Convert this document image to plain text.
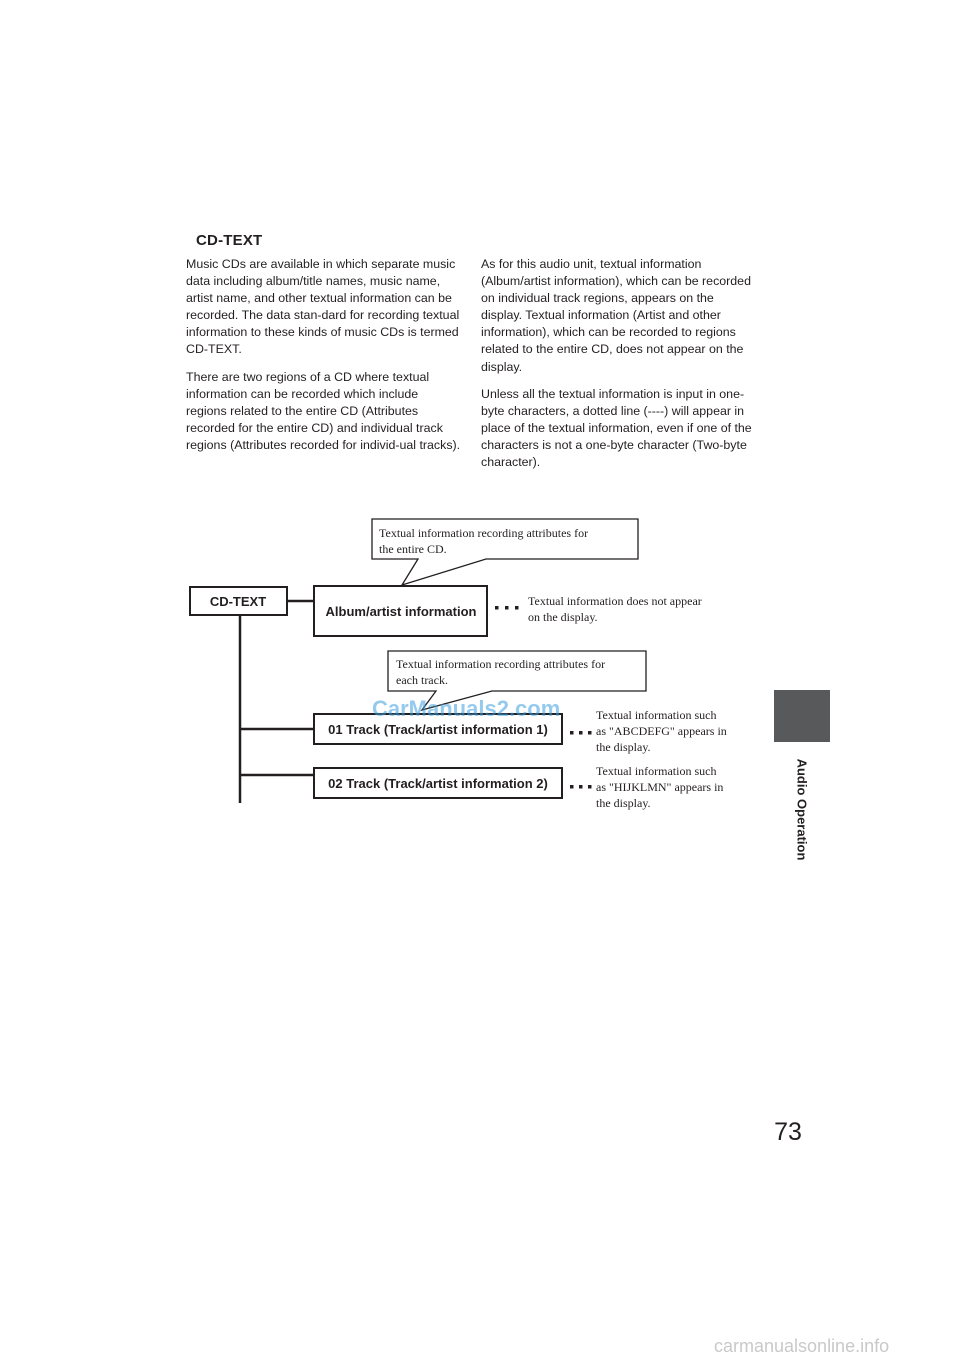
CD-TEXT

Music CDs are available in which separate music data including album/title names, music name, artist name, and other textual information can be recorded. The data stan-dard for recording textual information to these kinds of music CDs is termed CD-TEXT.

There are two regions of a CD where textual information can be recorded which include regions related to the entire CD (Attributes recorded for the entire CD) and individual track regions (Attributes recorded for individ-ual tracks).

As for this audio unit, textual information (Album/artist information), which can be recorded on individual track regions, appears on the display. Textual information (Artist and other information), which can be recorded to regions related to the entire CD, does not appear on the display.

Unless all the textual information is input in one-byte characters, a dotted line (----) will appear in place of the textual information, even if one of the characters is not a one-byte character (Two-byte character).

Textual information recording attributes for
the entire CD.
CD-TEXT
Album/artist information
Textual information does not appear
on the display.
Textual information recording attributes for
each track.
01 Track (Track/artist information 1)
Textual information such
as "ABCDEFG" appears in
the display.
02 Track (Track/artist information 2)
Textual information such
as "HIJKLMN" appears in
the display.
CarManuals2.com
Audio Operation
73
carmanualsonline.info
